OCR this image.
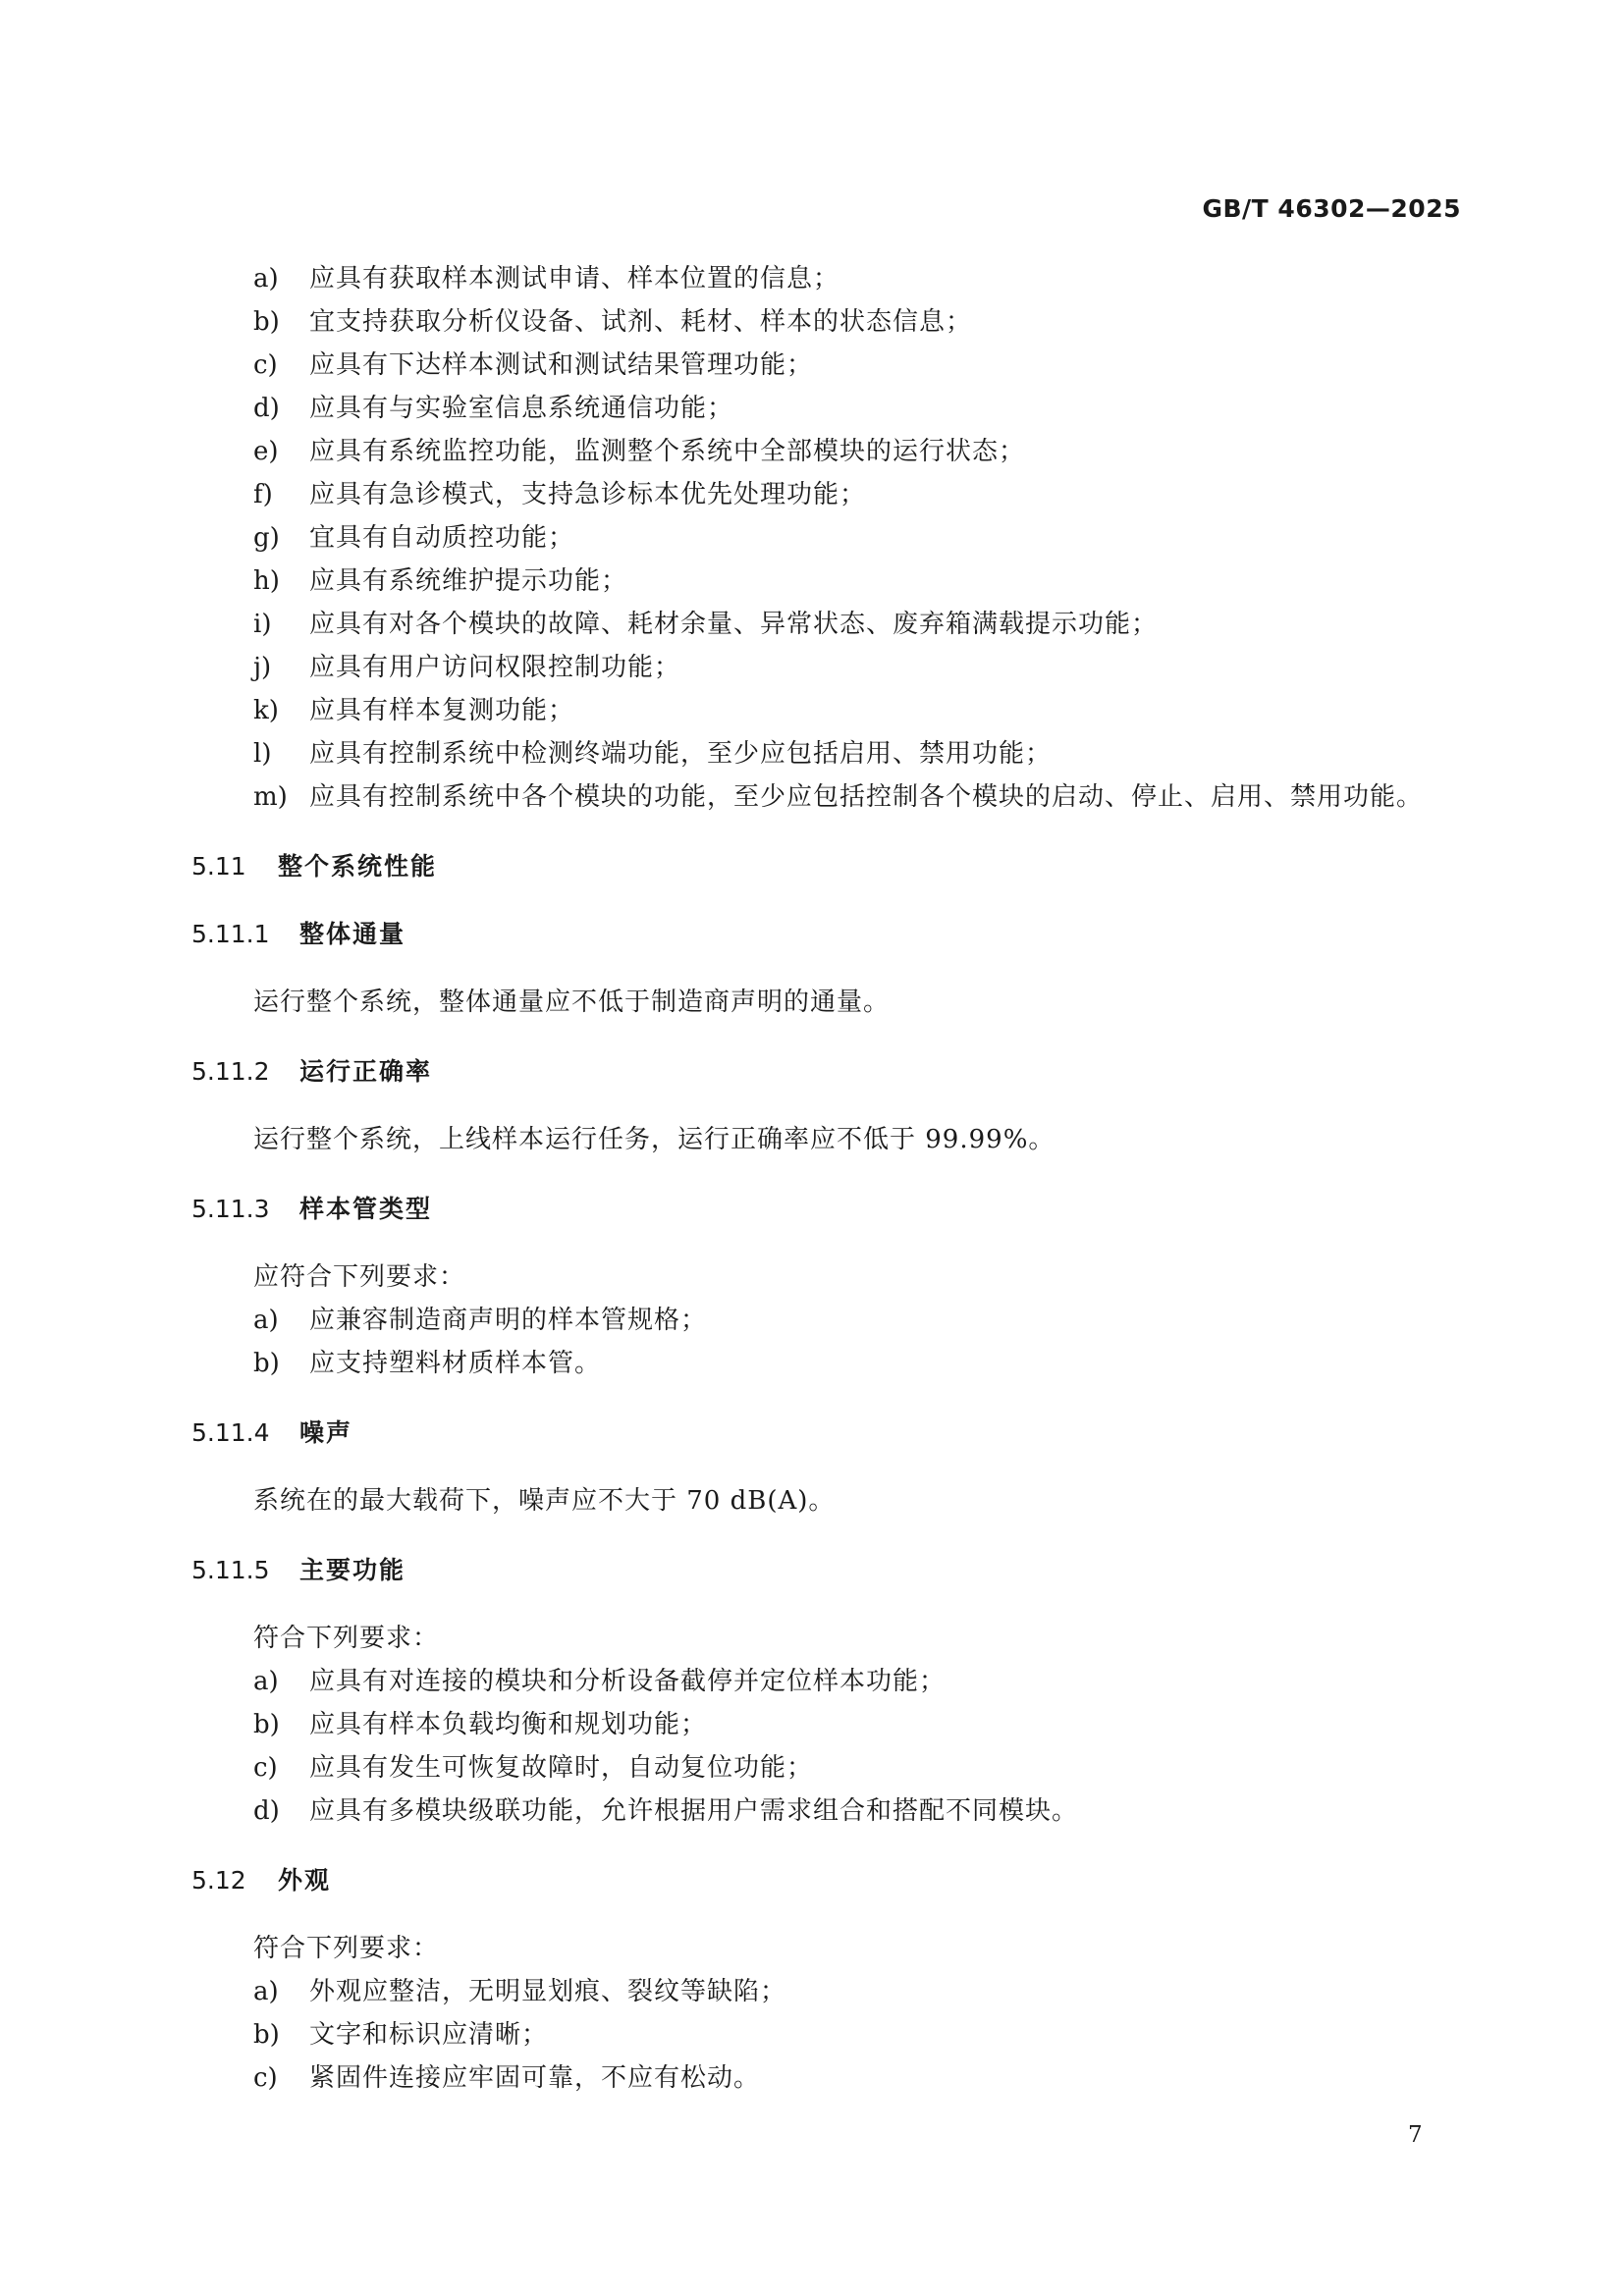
GB/T 46302—2025
a) 应具有获取样本测试申请、样本位置的信息；
b) 宜支持获取分析仪设备、试剂、耗材、样本的状态信息；
c) 应具有下达样本测试和测试结果管理功能；
d) 应具有与实验室信息系统通信功能；
e) 应具有系统监控功能，监测整个系统中全部模块的运行状态；
f) 应具有急诊模式，支持急诊标本优先处理功能；
g) 宜具有自动质控功能；
h) 应具有系统维护提示功能；
i) 应具有对各个模块的故障、耗材余量、异常状态、废弃箱满载提示功能；
j) 应具有用户访问权限控制功能；
k) 应具有样本复测功能；
l) 应具有控制系统中检测终端功能，至少应包括启用、禁用功能；
m) 应具有控制系统中各个模块的功能，至少应包括控制各个模块的启动、停止、启用、禁用功能。
5.11 整个系统性能
5.11.1 整体通量
运行整个系统，整体通量应不低于制造商声明的通量。
5.11.2 运行正确率
运行整个系统，上线样本运行任务，运行正确率应不低于 99.99%。
5.11.3 样本管类型
应符合下列要求：
a) 应兼容制造商声明的样本管规格；
b) 应支持塑料材质样本管。
5.11.4 噪声
系统在的最大载荷下，噪声应不大于 70 dB(A)。
5.11.5 主要功能
符合下列要求：
a) 应具有对连接的模块和分析设备截停并定位样本功能；
b) 应具有样本负载均衡和规划功能；
c) 应具有发生可恢复故障时，自动复位功能；
d) 应具有多模块级联功能，允许根据用户需求组合和搭配不同模块。
5.12 外观
符合下列要求：
a) 外观应整洁，无明显划痕、裂纹等缺陷；
b) 文字和标识应清晰；
c) 紧固件连接应牢固可靠，不应有松动。
7
